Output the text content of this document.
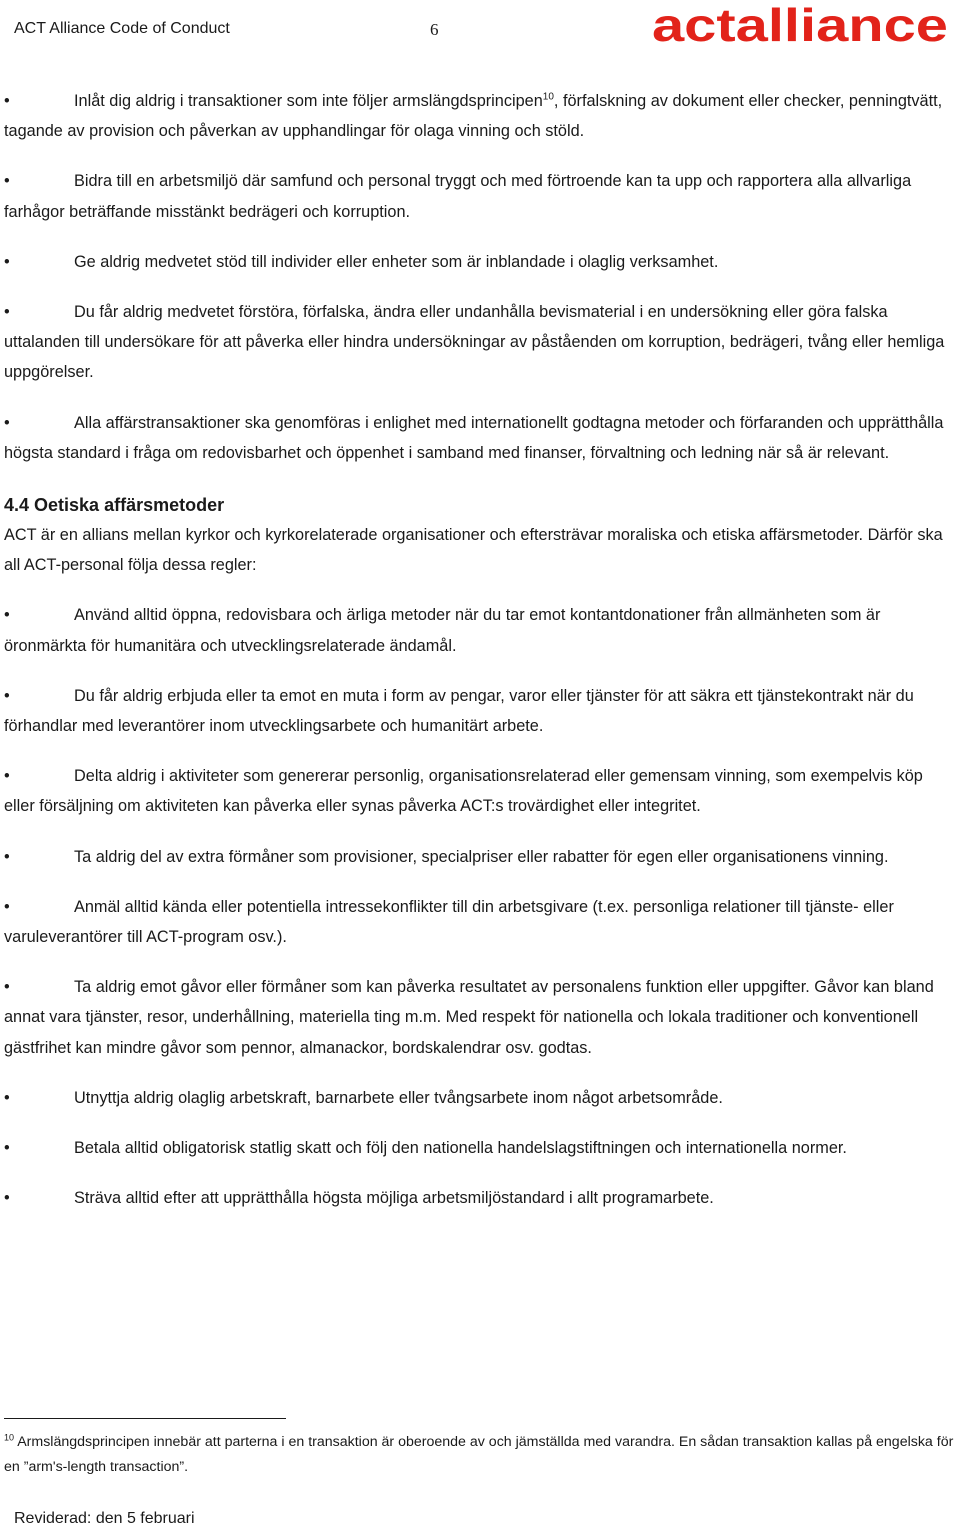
ACT Alliance Code of Conduct	6	actalliance
•	Inlåt dig aldrig i transaktioner som inte följer armslängdsprincipen$^{10}$, förfalskning av dokument eller checker, penningtvätt, tagande av provision och påverkan av upphandlingar för olaga vinning och stöld.
•	Bidra till en arbetsmiljö där samfund och personal tryggt och med förtroende kan ta upp och rapportera alla allvarliga farhågor beträffande misstänkt bedrägeri och korruption.
•	Ge aldrig medvetet stöd till individer eller enheter som är inblandade i olaglig verksamhet.
•	Du får aldrig medvetet förstöra, förfalska, ändra eller undanhålla bevismaterial i en undersökning eller göra falska uttalanden till undersökare för att påverka eller hindra undersökningar av påståenden om korruption, bedrägeri, tvång eller hemliga uppgörelser.
•	Alla affärstransaktioner ska genomföras i enlighet med internationellt godtagna metoder och förfaranden och upprätthålla högsta standard i fråga om redovisbarhet och öppenhet i samband med finanser, förvaltning och ledning när så är relevant.
4.4 Oetiska affärsmetoder
ACT är en allians mellan kyrkor och kyrkorelaterade organisationer och eftersträvar moraliska och etiska affärsmetoder. Därför ska all ACT-personal följa dessa regler:
•	Använd alltid öppna, redovisbara och ärliga metoder när du tar emot kontantdonationer från allmänheten som är öronmärkta för humanitära och utvecklingsrelaterade ändamål.
•	Du får aldrig erbjuda eller ta emot en muta i form av pengar, varor eller tjänster för att säkra ett tjänstekontrakt när du förhandlar med leverantörer inom utvecklingsarbete och humanitärt arbete.
•	Delta aldrig i aktiviteter som genererar personlig, organisationsrelaterad eller gemensam vinning, som exempelvis köp eller försäljning om aktiviteten kan påverka eller synas påverka ACT:s trovärdighet eller integritet.
•	Ta aldrig del av extra förmåner som provisioner, specialpriser eller rabatter för egen eller organisationens vinning.
•	Anmäl alltid kända eller potentiella intressekonflikter till din arbetsgivare (t.ex. personliga relationer till tjänste- eller varuleverantörer till ACT-program osv.).
•	Ta aldrig emot gåvor eller förmåner som kan påverka resultatet av personalens funktion eller uppgifter. Gåvor kan bland annat vara tjänster, resor, underhållning, materiella ting m.m. Med respekt för nationella och lokala traditioner och konventionell gästfrihet kan mindre gåvor som pennor, almanackor, bordskalendrar osv. godtas.
•	Utnyttja aldrig olaglig arbetskraft, barnarbete eller tvångsarbete inom något arbetsområde.
•	Betala alltid obligatorisk statlig skatt och följ den nationella handelslagstiftningen och internationella normer.
•	Sträva alltid efter att upprätthålla högsta möjliga arbetsmiljöstandard i allt programarbete.
$^{10}$ Armslängdsprincipen innebär att parterna i en transaktion är oberoende av och jämställda med varandra. En sådan transaktion kallas på engelska för en ”arm's-length transaction”.
Reviderad: den 5 februari
